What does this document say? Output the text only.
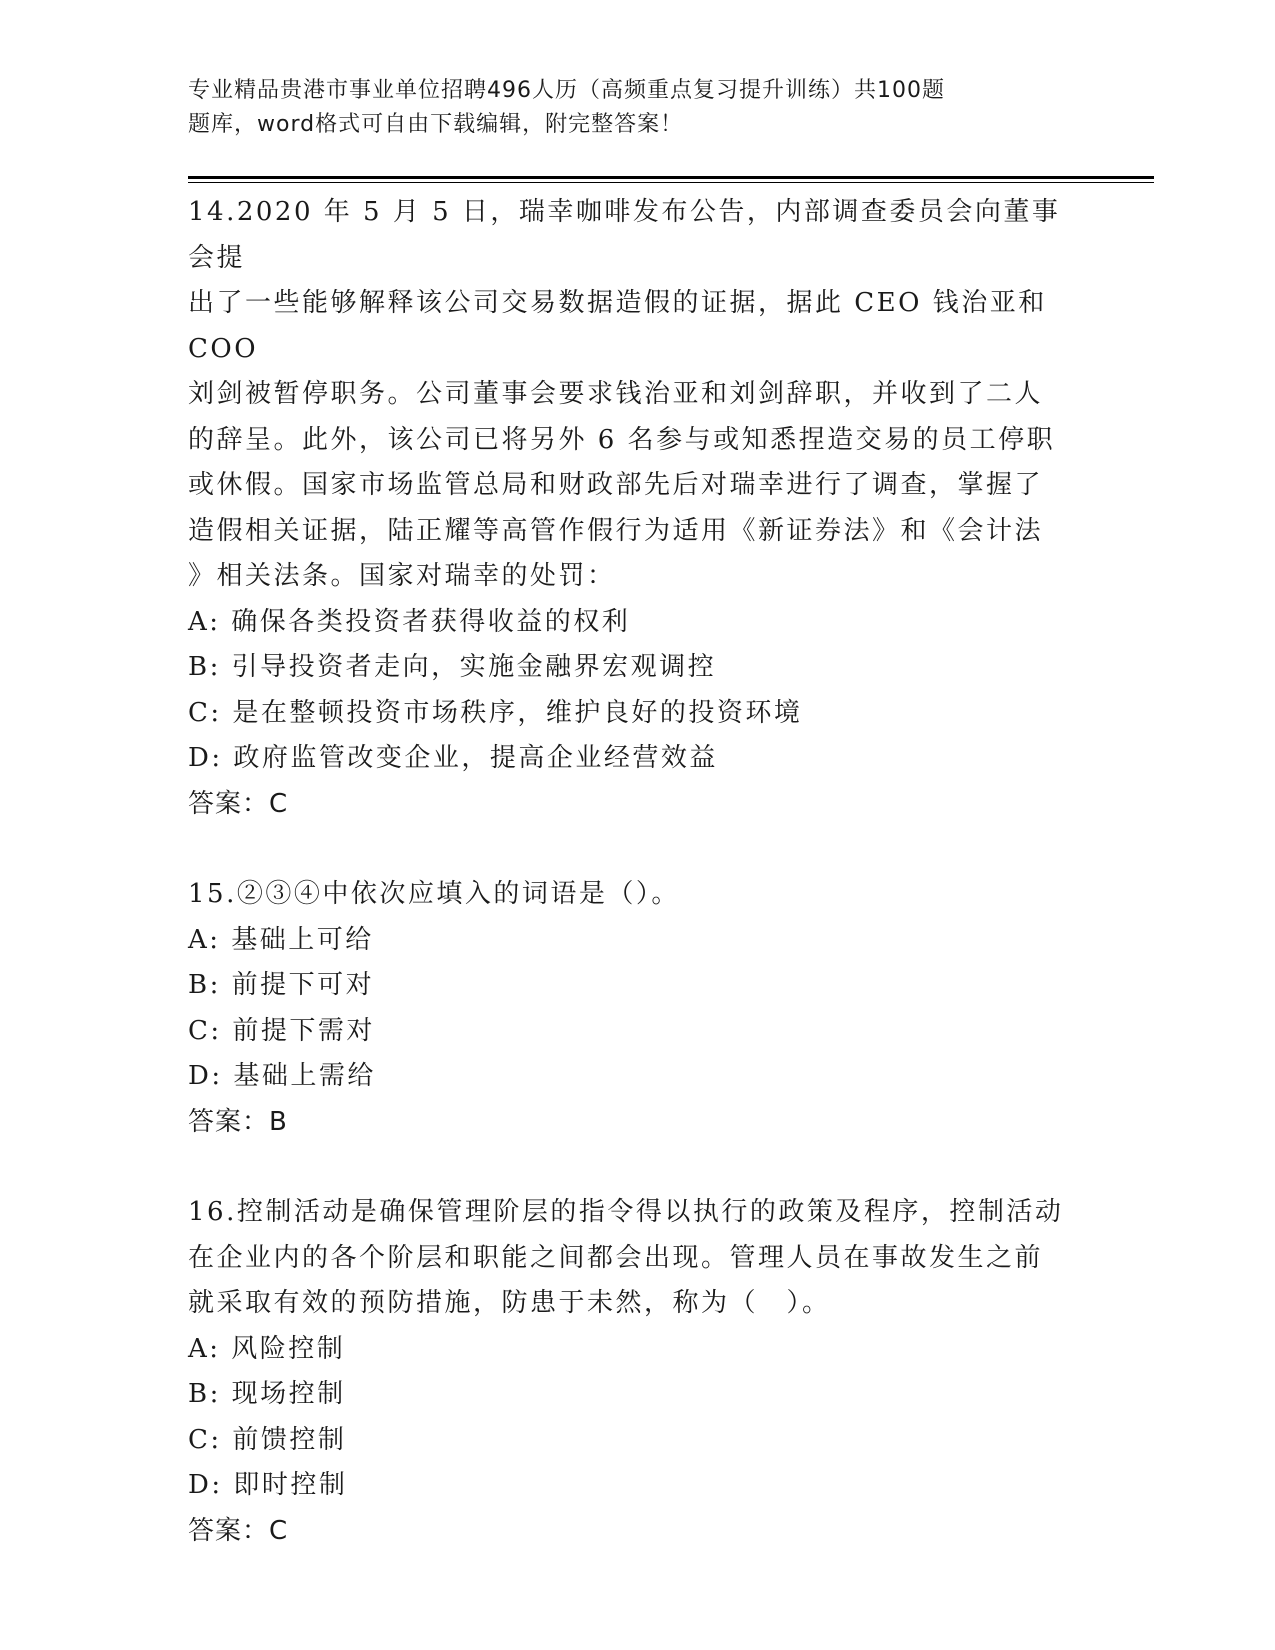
专业精品贵港市事业单位招聘496人历（高频重点复习提升训练）共100题
题库，word格式可自由下载编辑，附完整答案！

14.2020 年 5 月 5 日，瑞幸咖啡发布公告，内部调查委员会向董事会提

出了一些能够解释该公司交易数据造假的证据，据此 CEO 钱治亚和 COO

刘剑被暂停职务。公司董事会要求钱治亚和刘剑辞职，并收到了二人

的辞呈。此外，该公司已将另外 6 名参与或知悉捏造交易的员工停职

或休假。国家市场监管总局和财政部先后对瑞幸进行了调查，掌握了

造假相关证据，陆正耀等高管作假行为适用《新证券法》和《会计法

》相关法条。国家对瑞幸的处罚：

A: 确保各类投资者获得收益的权利

B: 引导投资者走向，实施金融界宏观调控

C: 是在整顿投资市场秩序，维护良好的投资环境

D: 政府监管改变企业，提高企业经营效益

答案：C

15.②③④中依次应填入的词语是（）。

A: 基础上可给

B: 前提下可对

C: 前提下需对

D: 基础上需给

答案：B

16.控制活动是确保管理阶层的指令得以执行的政策及程序，控制活动

在企业内的各个阶层和职能之间都会出现。管理人员在事故发生之前

就采取有效的预防措施，防患于未然，称为（　）。

A: 风险控制

B: 现场控制

C: 前馈控制

D: 即时控制

答案：C
